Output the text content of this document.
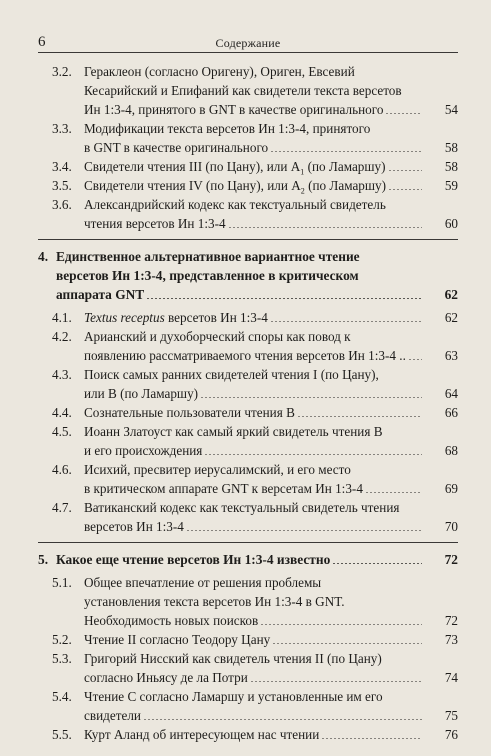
6	Содержание
3.2. Гераклеон (согласно Оригену), Ориген, Евсевий
Кесарийский и Епифаний как свидетели текста версетов
Ин 1:3-4, принятого в GNT в качестве оригинального	54
3.3. Модификации текста версетов Ин 1:3-4, принятого
в GNT в качестве оригинального	58
3.4. Свидетели чтения III (по Цану), или $A_1$ (по Ламаршу)	58
3.5. Свидетели чтения IV (по Цану), или $A_2$ (по Ламаршу)	59
3.6. Александрийский кодекс как текстуальный свидетель
чтения версетов Ин 1:3-4	60
4. Единственное альтернативное вариантное чтение
версетов Ин 1:3-4, представленное в критическом
аппарата GNT	62
4.1. Textus receptus версетов Ин 1:3-4	62
4.2. Арианский и духоборческий споры как повод к
появлению рассматриваемого чтения версетов Ин 1:3-4 ..	63
4.3. Поиск самых ранних свидетелей чтения I (по Цану),
или B (по Ламаршу)	64
4.4. Сознательные пользователи чтения B	66
4.5. Иоанн Златоуст как самый яркий свидетель чтения B
и его происхождения	68
4.6. Исихий, пресвитер иерусалимский, и его место
в критическом аппарате GNT к версетам Ин 1:3-4	69
4.7. Ватиканский кодекс как текстуальный свидетель чтения
версетов Ин 1:3-4	70
5. Какое еще чтение версетов Ин 1:3-4 известно	72
5.1. Общее впечатление от решения проблемы
установления текста версетов Ин 1:3-4 в GNT.
Необходимость новых поисков	72
5.2. Чтение II согласно Теодору Цану	73
5.3. Григорий Нисский как свидетель чтения II (по Цану)
согласно Иньясу де ла Потри	74
5.4. Чтение C согласно Ламаршу и установленные им его
свидетели	75
5.5. Курт Аланд об интересующем нас чтении	76
